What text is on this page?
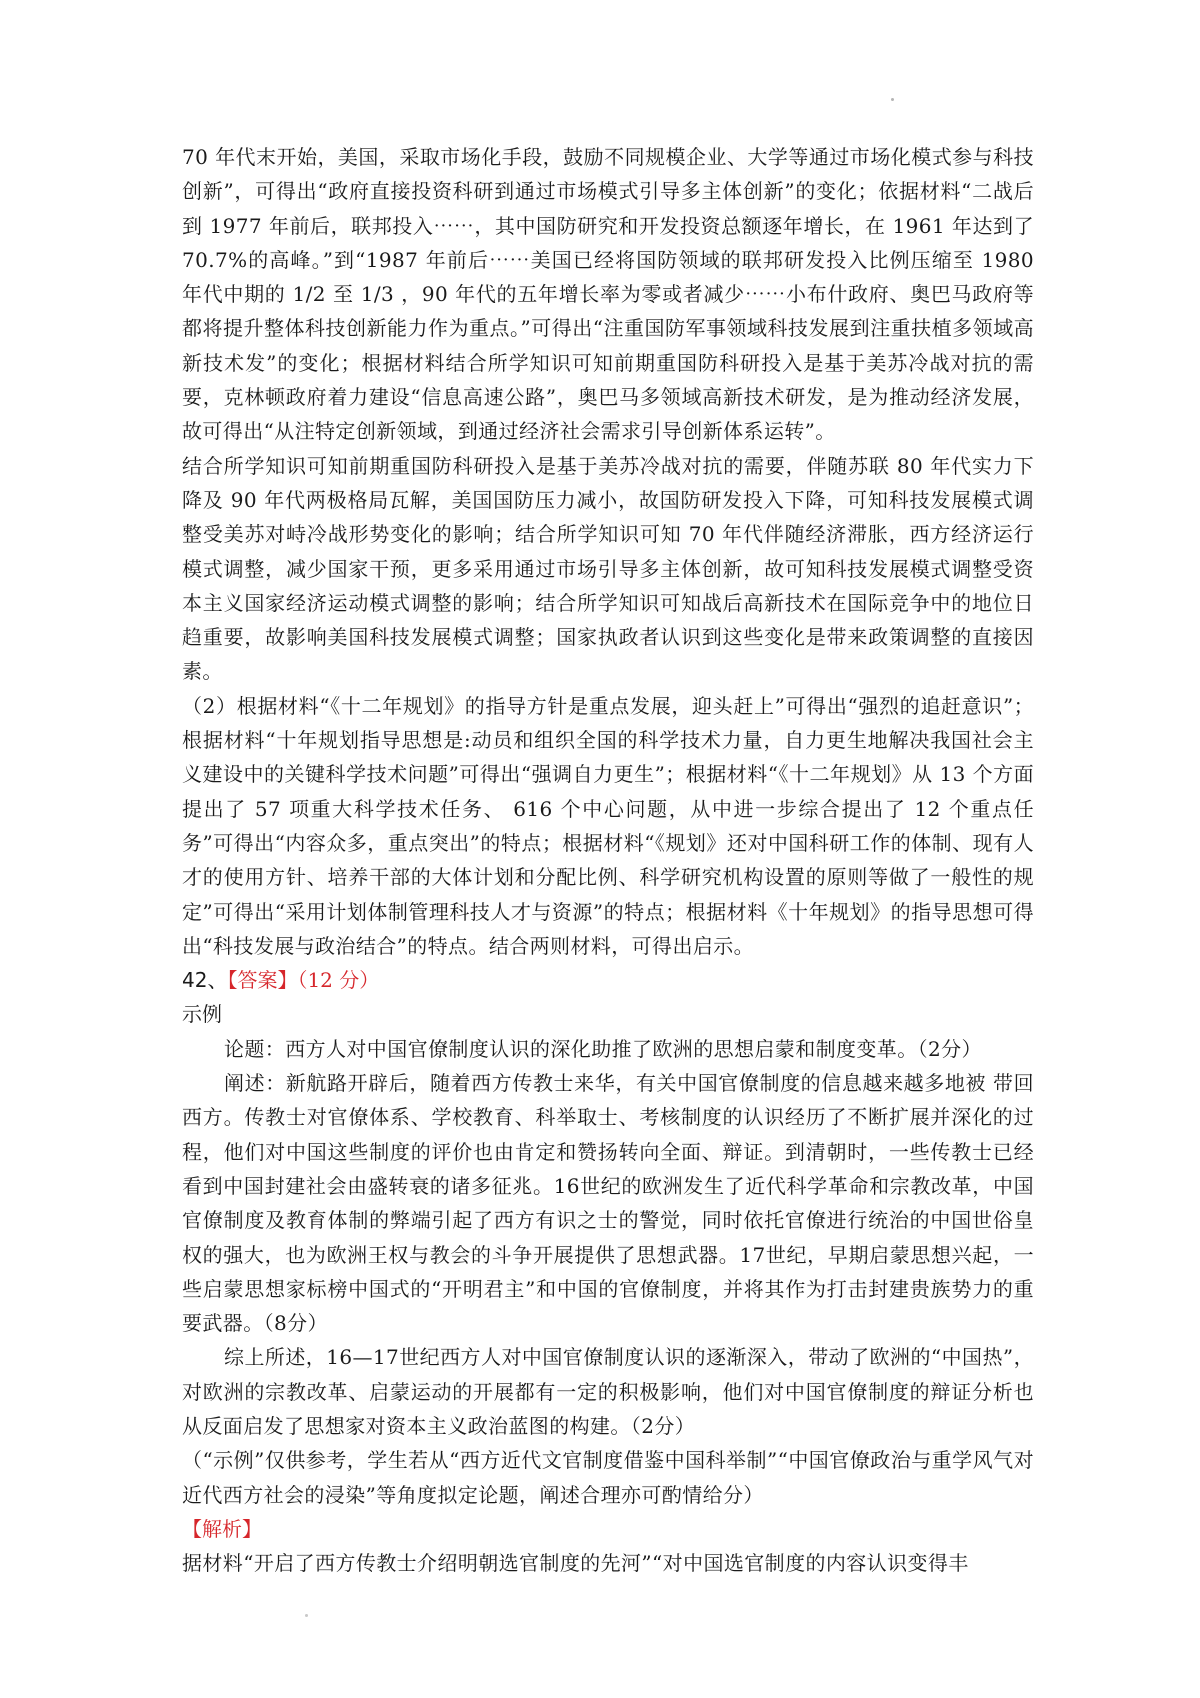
70 年代末开始，美国，采取市场化手段，鼓励不同规模企业、大学等通过市场化模式参与科技创新”，可得出“政府直接投资科研到通过市场模式引导多主体创新”的变化；依据材料“二战后到 1977 年前后，联邦投入⋯⋯，其中国防研究和开发投资总额逐年增长，在 1961 年达到了 70.7%的高峰。”到“1987 年前后⋯⋯美国已经将国防领域的联邦研发投入比例压缩至 1980 年代中期的 1/2 至 1/3 ，90 年代的五年增长率为零或者减少⋯⋯小布什政府、奥巴马政府等都将提升整体科技创新能力作为重点。”可得出“注重国防军事领域科技发展到注重扶植多领域高新技术发”的变化；根据材料结合所学知识可知前期重国防科研投入是基于美苏冷战对抗的需要，克林顿政府着力建设“信息高速公路”，奥巴马多领域高新技术研发，是为推动经济发展，故可得出“从注特定创新领域，到通过经济社会需求引导创新体系运转”。

结合所学知识可知前期重国防科研投入是基于美苏冷战对抗的需要，伴随苏联 80 年代实力下降及 90 年代两极格局瓦解，美国国防压力减小，故国防研发投入下降，可知科技发展模式调整受美苏对峙冷战形势变化的影响；结合所学知识可知 70 年代伴随经济滞胀，西方经济运行模式调整，减少国家干预，更多采用通过市场引导多主体创新，故可知科技发展模式调整受资本主义国家经济运动模式调整的影响；结合所学知识可知战后高新技术在国际竞争中的地位日趋重要，故影响美国科技发展模式调整；国家执政者认识到这些变化是带来政策调整的直接因素。

（2）根据材料“《十二年规划》的指导方针是重点发展，迎头赶上”可得出“强烈的追赶意识”；根据材料“十年规划指导思想是:动员和组织全国的科学技术力量，自力更生地解决我国社会主义建设中的关键科学技术问题”可得出“强调自力更生”；根据材料“《十二年规划》从 13 个方面提出了 57 项重大科学技术任务、 616 个中心问题，从中进一步综合提出了 12 个重点任务”可得出“内容众多，重点突出”的特点；根据材料“《规划》还对中国科研工作的体制、现有人才的使用方针、培养干部的大体计划和分配比例、科学研究机构设置的原则等做了一般性的规定”可得出“采用计划体制管理科技人才与资源”的特点；根据材料《十年规划》的指导思想可得出“科技发展与政治结合”的特点。结合两则材料，可得出启示。

42、【答案】（12 分）

示例

论题：西方人对中国官僚制度认识的深化助推了欧洲的思想启蒙和制度变革。（2分）

阐述：新航路开辟后，随着西方传教士来华，有关中国官僚制度的信息越来越多地被 带回西方。传教士对官僚体系、学校教育、科举取士、考核制度的认识经历了不断扩展并深化的过程，他们对中国这些制度的评价也由肯定和赞扬转向全面、辩证。到清朝时，一些传教士已经看到中国封建社会由盛转衰的诸多征兆。16世纪的欧洲发生了近代科学革命和宗教改革，中国官僚制度及教育体制的弊端引起了西方有识之士的警觉，同时依托官僚进行统治的中国世俗皇权的强大，也为欧洲王权与教会的斗争开展提供了思想武器。17世纪，早期启蒙思想兴起，一些启蒙思想家标榜中国式的“开明君主”和中国的官僚制度，并将其作为打击封建贵族势力的重要武器。（8分）

综上所述，16—17世纪西方人对中国官僚制度认识的逐渐深入，带动了欧洲的“中国热”，对欧洲的宗教改革、启蒙运动的开展都有一定的积极影响，他们对中国官僚制度的辩证分析也从反面启发了思想家对资本主义政治蓝图的构建。（2分）

（“示例”仅供参考，学生若从“西方近代文官制度借鉴中国科举制”“中国官僚政治与重学风气对近代西方社会的浸染”等角度拟定论题，阐述合理亦可酌情给分）

【解析】

据材料“开启了西方传教士介绍明朝选官制度的先河”“对中国选官制度的内容认识变得丰
